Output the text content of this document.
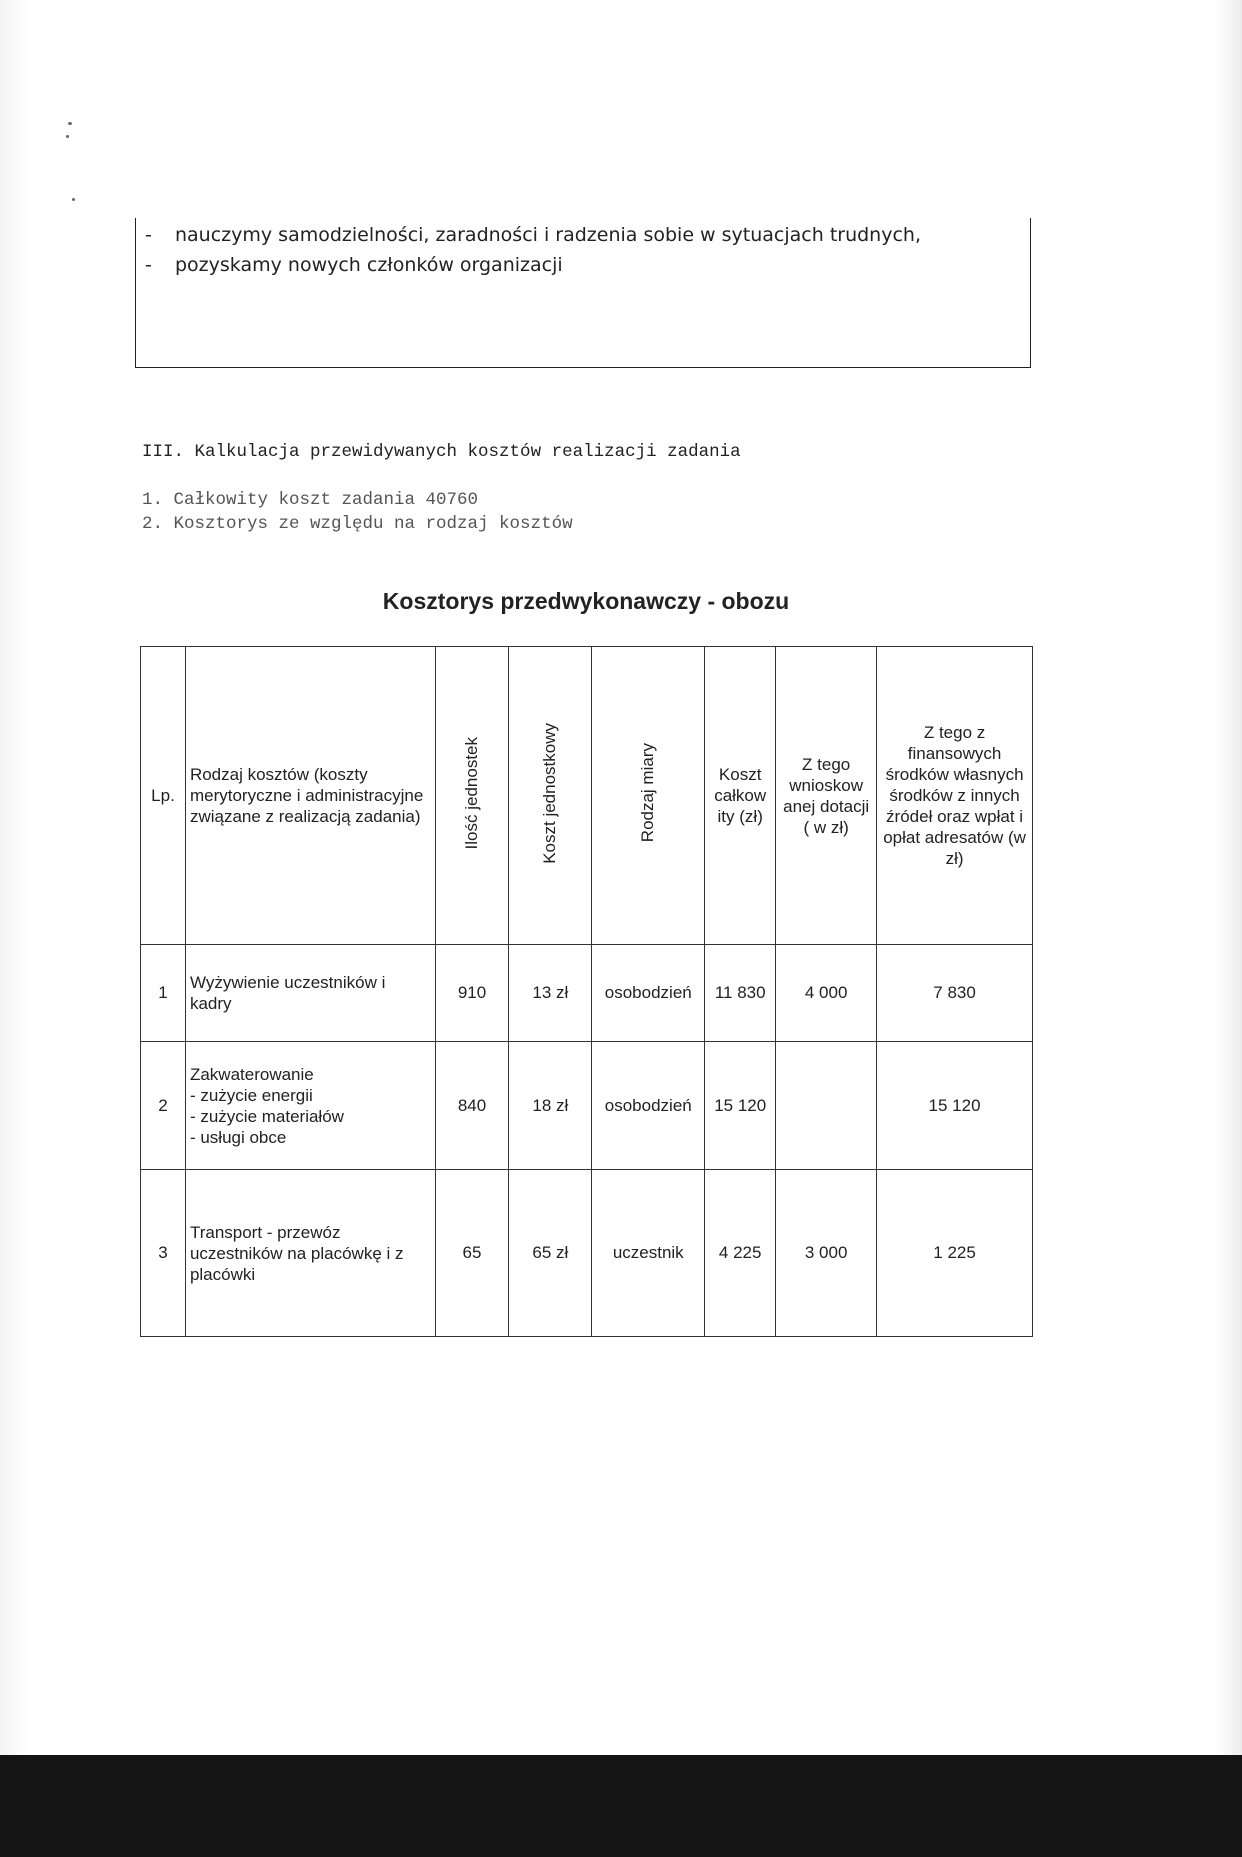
- nauczymy samodzielności, zaradności i radzenia sobie w sytuacjach trudnych,
- pozyskamy nowych członków organizacji
III. Kalkulacja przewidywanych kosztów realizacji zadania
1. Całkowity koszt zadania 40760
2. Kosztorys ze względu na rodzaj kosztów
Kosztorys przedwykonawczy - obozu
Lp.	Rodzaj kosztów (koszty merytoryczne i administracyjne związane z realizacją zadania)	Ilość jednostek	Koszt jednostkowy	Rodzaj miary	Koszt całkow ity (zł)	Z tego wnioskow anej dotacji ( w zł)	Z tego z finansowych środków własnych środków z innych źródeł oraz wpłat i opłat adresatów (w zł)
1	Wyżywienie uczestników i kadry	910	13 zł	osobodzień	11 830	4 000	7 830
2	Zakwaterowanie
- zużycie energii
- zużycie materiałów
- usługi obce	840	18 zł	osobodzień	15 120		15 120
3	Transport - przewóz uczestników na placówkę i z placówki	65	65 zł	uczestnik	4 225	3 000	1 225
